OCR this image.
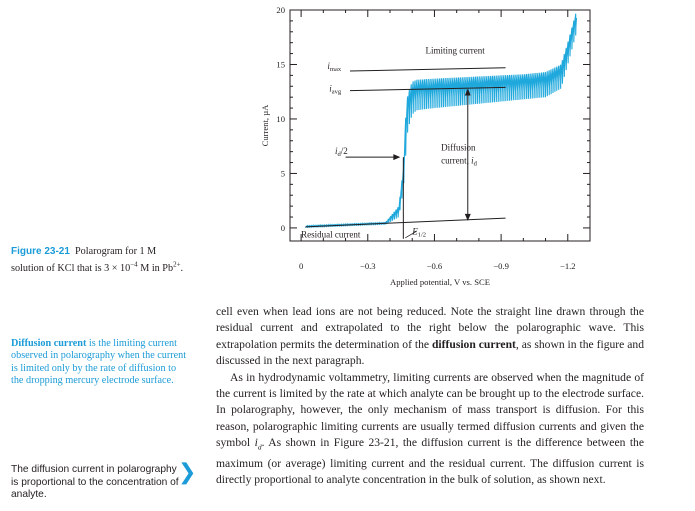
0
5
10
15
20
0	−0.3	−0.6	−0.9	−1.2
Applied potential, V vs. SCE
Current, µA
Limiting current
$i_{max}$
$i_{avg}$
$i_d/2$	Diffusion
current, $i_d$
Residual current	$E_{1/2}$
Figure 23-21 Polarogram for 1 M solution of KCl that is $3 \times 10^{-4}$ M in $Pb^{2+}$.
Diffusion current is the limiting current observed in polarography when the current is limited only by the rate of diffusion to the dropping mercury electrode surface.
The diffusion current in polarography is proportional to the concentration of analyte.
❯

cell even when lead ions are not being reduced. Note the straight line drawn through the residual current and extrapolated to the right below the polarographic wave. This extrapolation permits the determination of the diffusion current, as shown in the figure and discussed in the next paragraph.

As in hydrodynamic voltammetry, limiting currents are observed when the magnitude of the current is limited by the rate at which analyte can be brought up to the electrode surface. In polarography, however, the only mechanism of mass transport is diffusion. For this reason, polarographic limiting currents are usually termed diffusion currents and given the symbol $i_d$. As shown in Figure 23-21, the diffusion current is the difference between the maximum (or average) limiting current and the residual current. The diffusion current is directly proportional to analyte concentration in the bulk of solution, as shown next.
